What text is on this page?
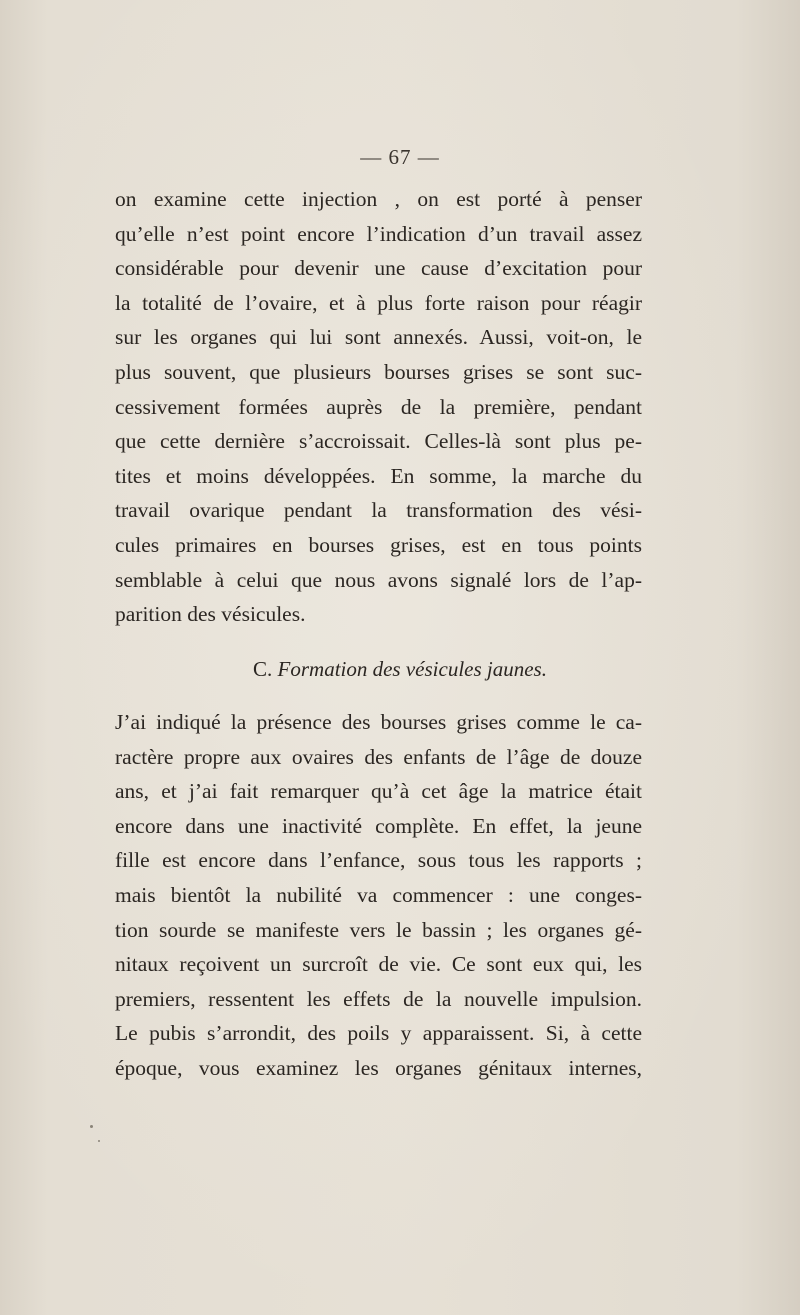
— 67 —
on examine cette injection , on est porté à penser
qu’elle n’est point encore l’indication d’un travail assez
considérable pour devenir une cause d’excitation pour
la totalité de l’ovaire, et à plus forte raison pour réagir
sur les organes qui lui sont annexés. Aussi, voit-on, le
plus souvent, que plusieurs bourses grises se sont suc-
cessivement formées auprès de la première, pendant
que cette dernière s’accroissait. Celles-là sont plus pe-
tites et moins développées. En somme, la marche du
travail ovarique pendant la transformation des vési-
cules primaires en bourses grises, est en tous points
semblable à celui que nous avons signalé lors de l’ap-
parition des vésicules.
C. Formation des vésicules jaunes.
J’ai indiqué la présence des bourses grises comme le ca-
ractère propre aux ovaires des enfants de l’âge de douze
ans, et j’ai fait remarquer qu’à cet âge la matrice était
encore dans une inactivité complète. En effet, la jeune
fille est encore dans l’enfance, sous tous les rapports ;
mais bientôt la nubilité va commencer : une conges-
tion sourde se manifeste vers le bassin ; les organes gé-
nitaux reçoivent un surcroît de vie. Ce sont eux qui, les
premiers, ressentent les effets de la nouvelle impulsion.
Le pubis s’arrondit, des poils y apparaissent. Si, à cette
époque, vous examinez les organes génitaux internes,
